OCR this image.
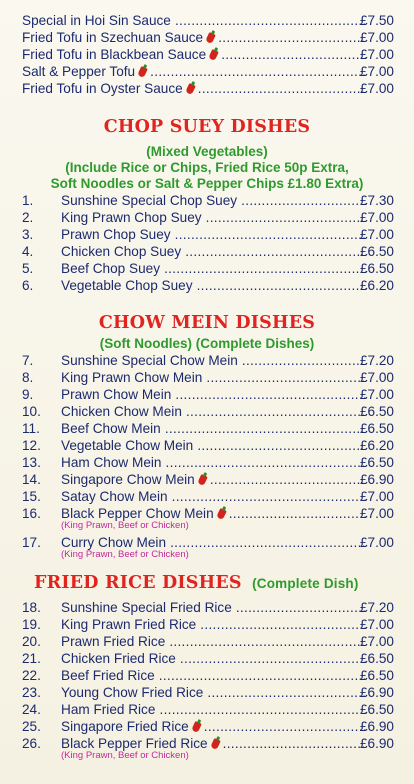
Special in Hoi Sin Sauce .....	£7.50
Fried Tofu in Szechuan Sauce .....	£7.00
Fried Tofu in Blackbean Sauce .....	£7.00
Salt & Pepper Tofu .....	£7.00
Fried Tofu in Oyster Sauce .....	£7.00
CHOP SUEY DISHES
(Mixed Vegetables)
(Include Rice or Chips, Fried Rice 50p Extra,
Soft Noodles or Salt & Pepper Chips £1.80 Extra)
1. Sunshine Special Chop Suey .....	£7.30
2. King Prawn Chop Suey .....	£7.00
3. Prawn Chop Suey .....	£7.00
4. Chicken Chop Suey .....	£6.50
5. Beef Chop Suey .....	£6.50
6. Vegetable Chop Suey .....	£6.20
CHOW MEIN DISHES
(Soft Noodles) (Complete Dishes)
7. Sunshine Special Chow Mein .....	£7.20
8. King Prawn Chow Mein .....	£7.00
9. Prawn Chow Mein .....	£7.00
10. Chicken Chow Mein .....	£6.50
11. Beef Chow Mein .....	£6.50
12. Vegetable Chow Mein .....	£6.20
13. Ham Chow Mein .....	£6.50
14. Singapore Chow Mein .....	£6.90
15. Satay Chow Mein .....	£7.00
16. Black Pepper Chow Mein .....	£7.00
(King Prawn, Beef or Chicken)
17. Curry Chow Mein .....	£7.00
(King Prawn, Beef or Chicken)
FRIED RICE DISHES (Complete Dish)
18. Sunshine Special Fried Rice .....	£7.20
19. King Prawn Fried Rice .....	£7.00
20. Prawn Fried Rice .....	£7.00
21. Chicken Fried Rice .....	£6.50
22. Beef Fried Rice .....	£6.50
23. Young Chow Fried Rice .....	£6.90
24. Ham Fried Rice .....	£6.50
25. Singapore Fried Rice .....	£6.90
26. Black Pepper Fried Rice .....	£6.90
(King Prawn, Beef or Chicken)
